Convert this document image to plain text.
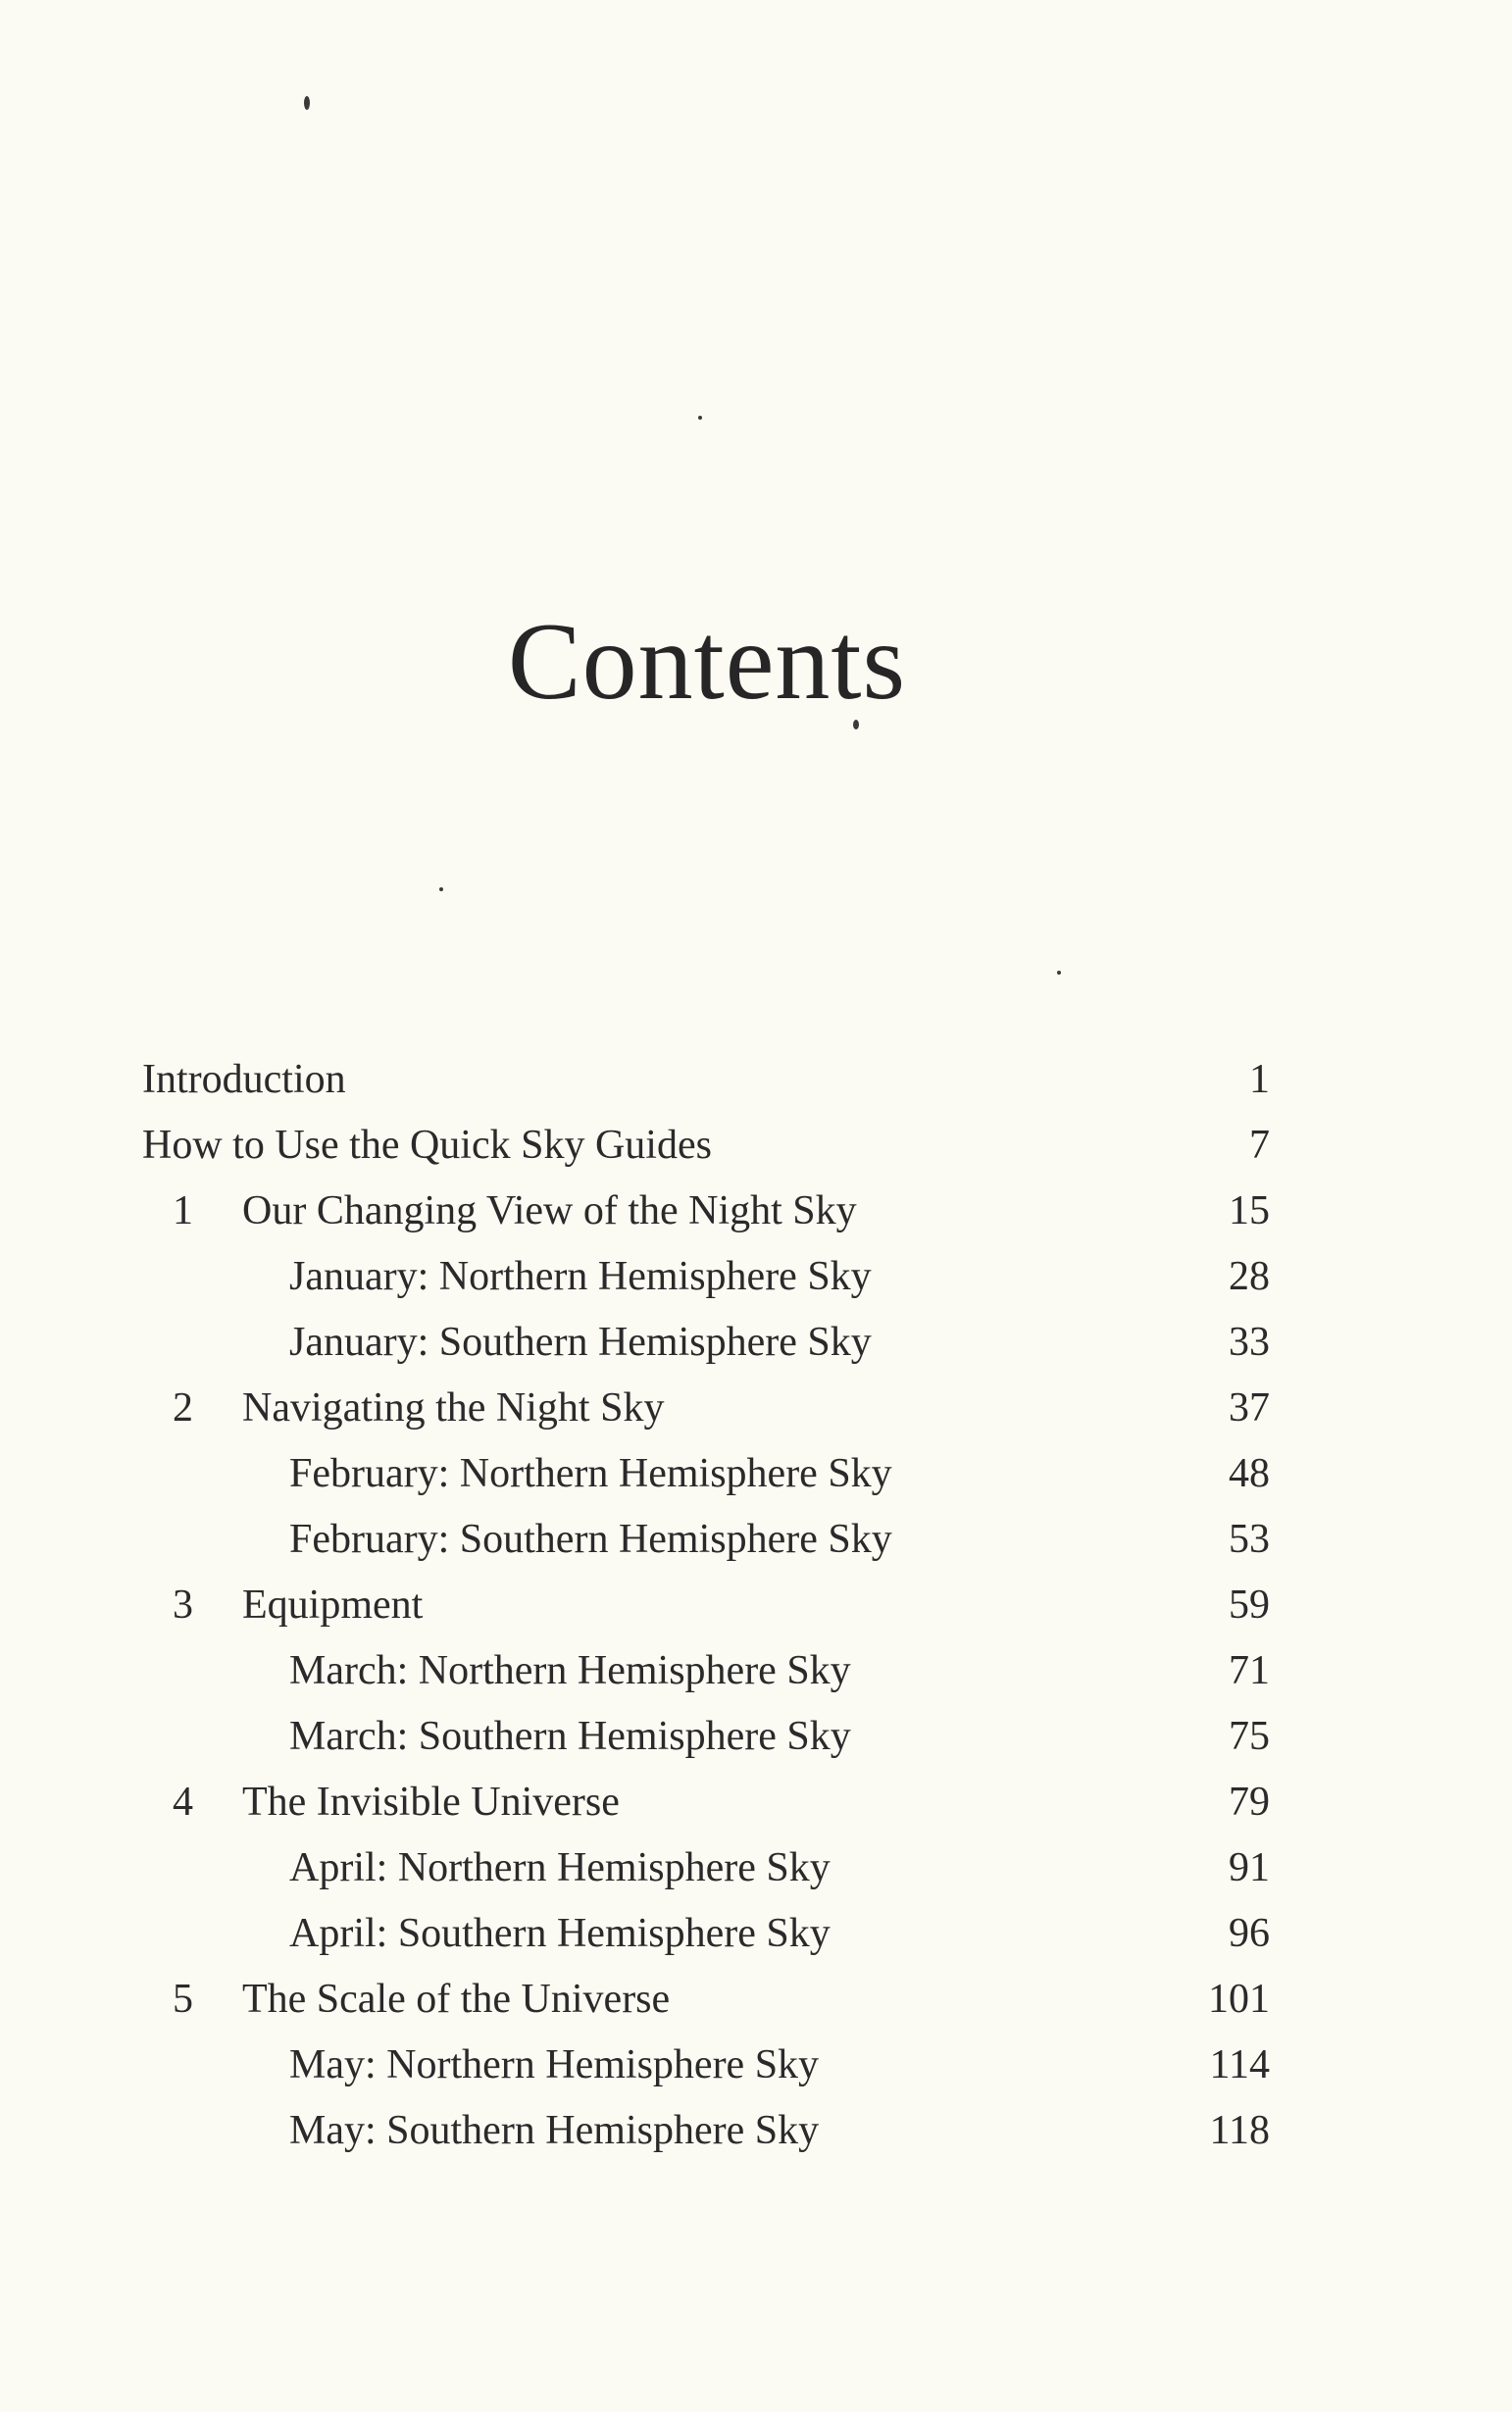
Contents
Introduction	1
How to Use the Quick Sky Guides	7
1 Our Changing View of the Night Sky	15
January: Northern Hemisphere Sky	28
January: Southern Hemisphere Sky	33
2 Navigating the Night Sky	37
February: Northern Hemisphere Sky	48
February: Southern Hemisphere Sky	53
3 Equipment	59
March: Northern Hemisphere Sky	71
March: Southern Hemisphere Sky	75
4 The Invisible Universe	79
April: Northern Hemisphere Sky	91
April: Southern Hemisphere Sky	96
5 The Scale of the Universe	101
May: Northern Hemisphere Sky	114
May: Southern Hemisphere Sky	118
